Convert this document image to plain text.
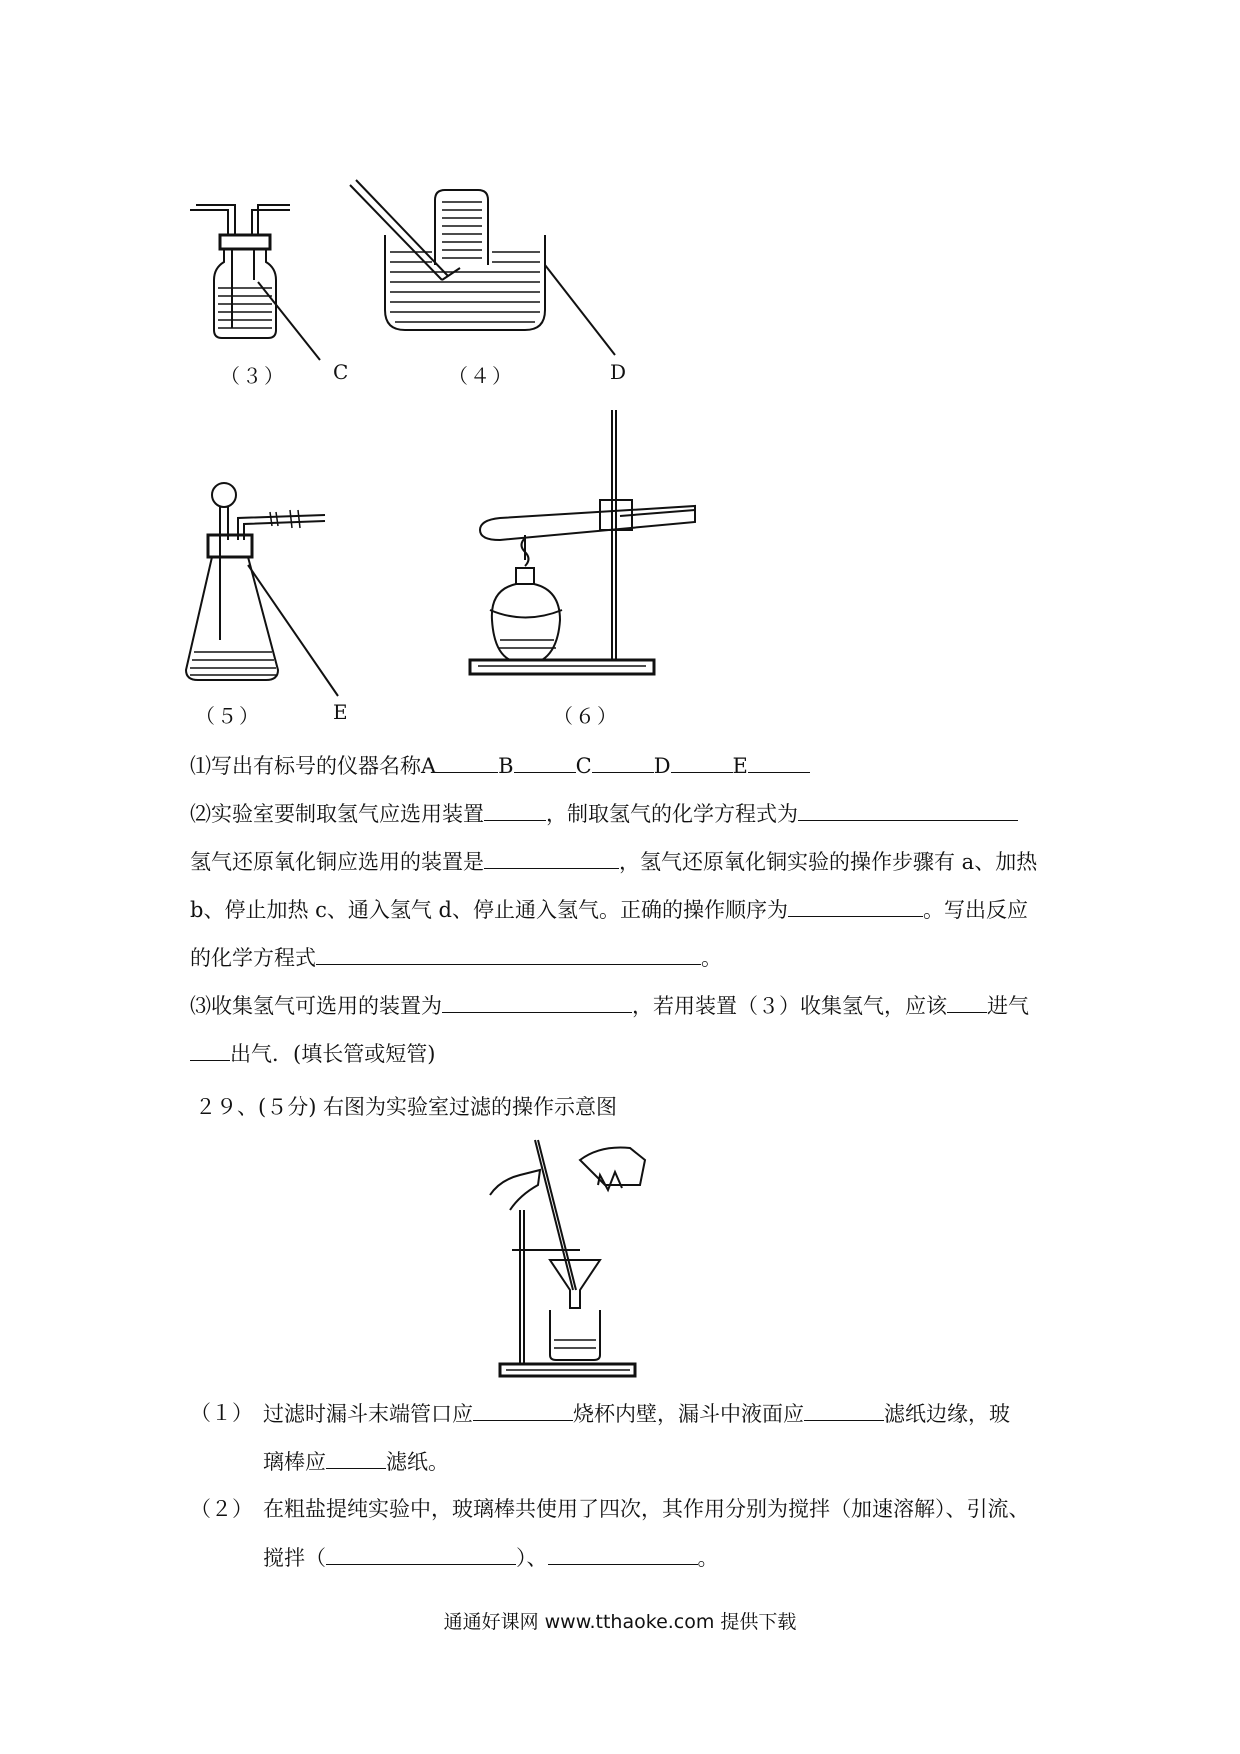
（３） C	（４）	D
（５）	E	（６）
⑴写出有标号的仪器名称A	B	C	D	E
⑵实验室要制取氢气应选用装置	，制取氢气的化学方程式为
氢气还原氧化铜应选用的装置是	，氢气还原氧化铜实验的操作步骤有 a、加热
b、停止加热 c、通入氢气 d、停止通入氢气。正确的操作顺序为	。写出反应
的化学方程式	。
⑶收集氢气可选用的装置为	，若用装置（３）收集氢气，应该 进气
出气．(填长管或短管)
２９、(５分) 右图为实验室过滤的操作示意图
（１） 过滤时漏斗末端管口应	烧杯内壁，漏斗中液面应	滤纸边缘，玻
璃棒应	滤纸。
（２） 在粗盐提纯实验中，玻璃棒共使用了四次，其作用分别为搅拌（加速溶解）、引流、
搅拌（	）、	。
通通好课网 www.tthaoke.com 提供下载
